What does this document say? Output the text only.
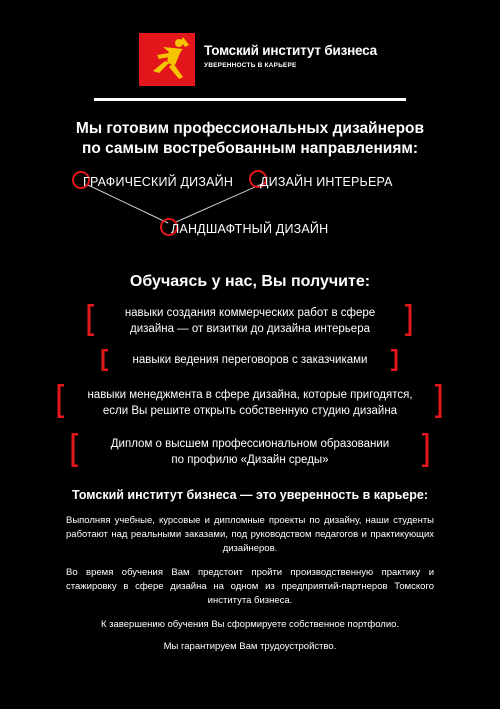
Томский институт бизнеса
УВЕРЕННОСТЬ В КАРЬЕРЕ
Мы готовим профессиональных дизайнеров
по самым востребованным направлениям:
ГРАФИЧЕСКИЙ ДИЗАЙН ДИЗАЙН ИНТЕРЬЕРА
ЛАНДШАФТНЫЙ ДИЗАЙН
Обучаясь у нас, Вы получите:
навыки создания коммерческих работ в сфере
дизайна — от визитки до дизайна интерьера
навыки ведения переговоров с заказчиками
навыки менеджмента в сфере дизайна, которые пригодятся,
если Вы решите открыть собственную студию дизайна
Диплом о высшем профессиональном образовании
по профилю «Дизайн среды»
Томский институт бизнеса — это уверенность в карьере:
Выполняя учебные, курсовые и дипломные проекты по дизайну, наши студенты работают над реальными заказами, под руководством педагогов и практикующих дизайнеров.
Во время обучения Вам предстоит пройти производственную практику и стажировку в сфере дизайна на одном из предприятий-партнеров Томского института бизнеса.
К завершению обучения Вы сформируете собственное портфолио.
Мы гарантируем Вам трудоустройство.
